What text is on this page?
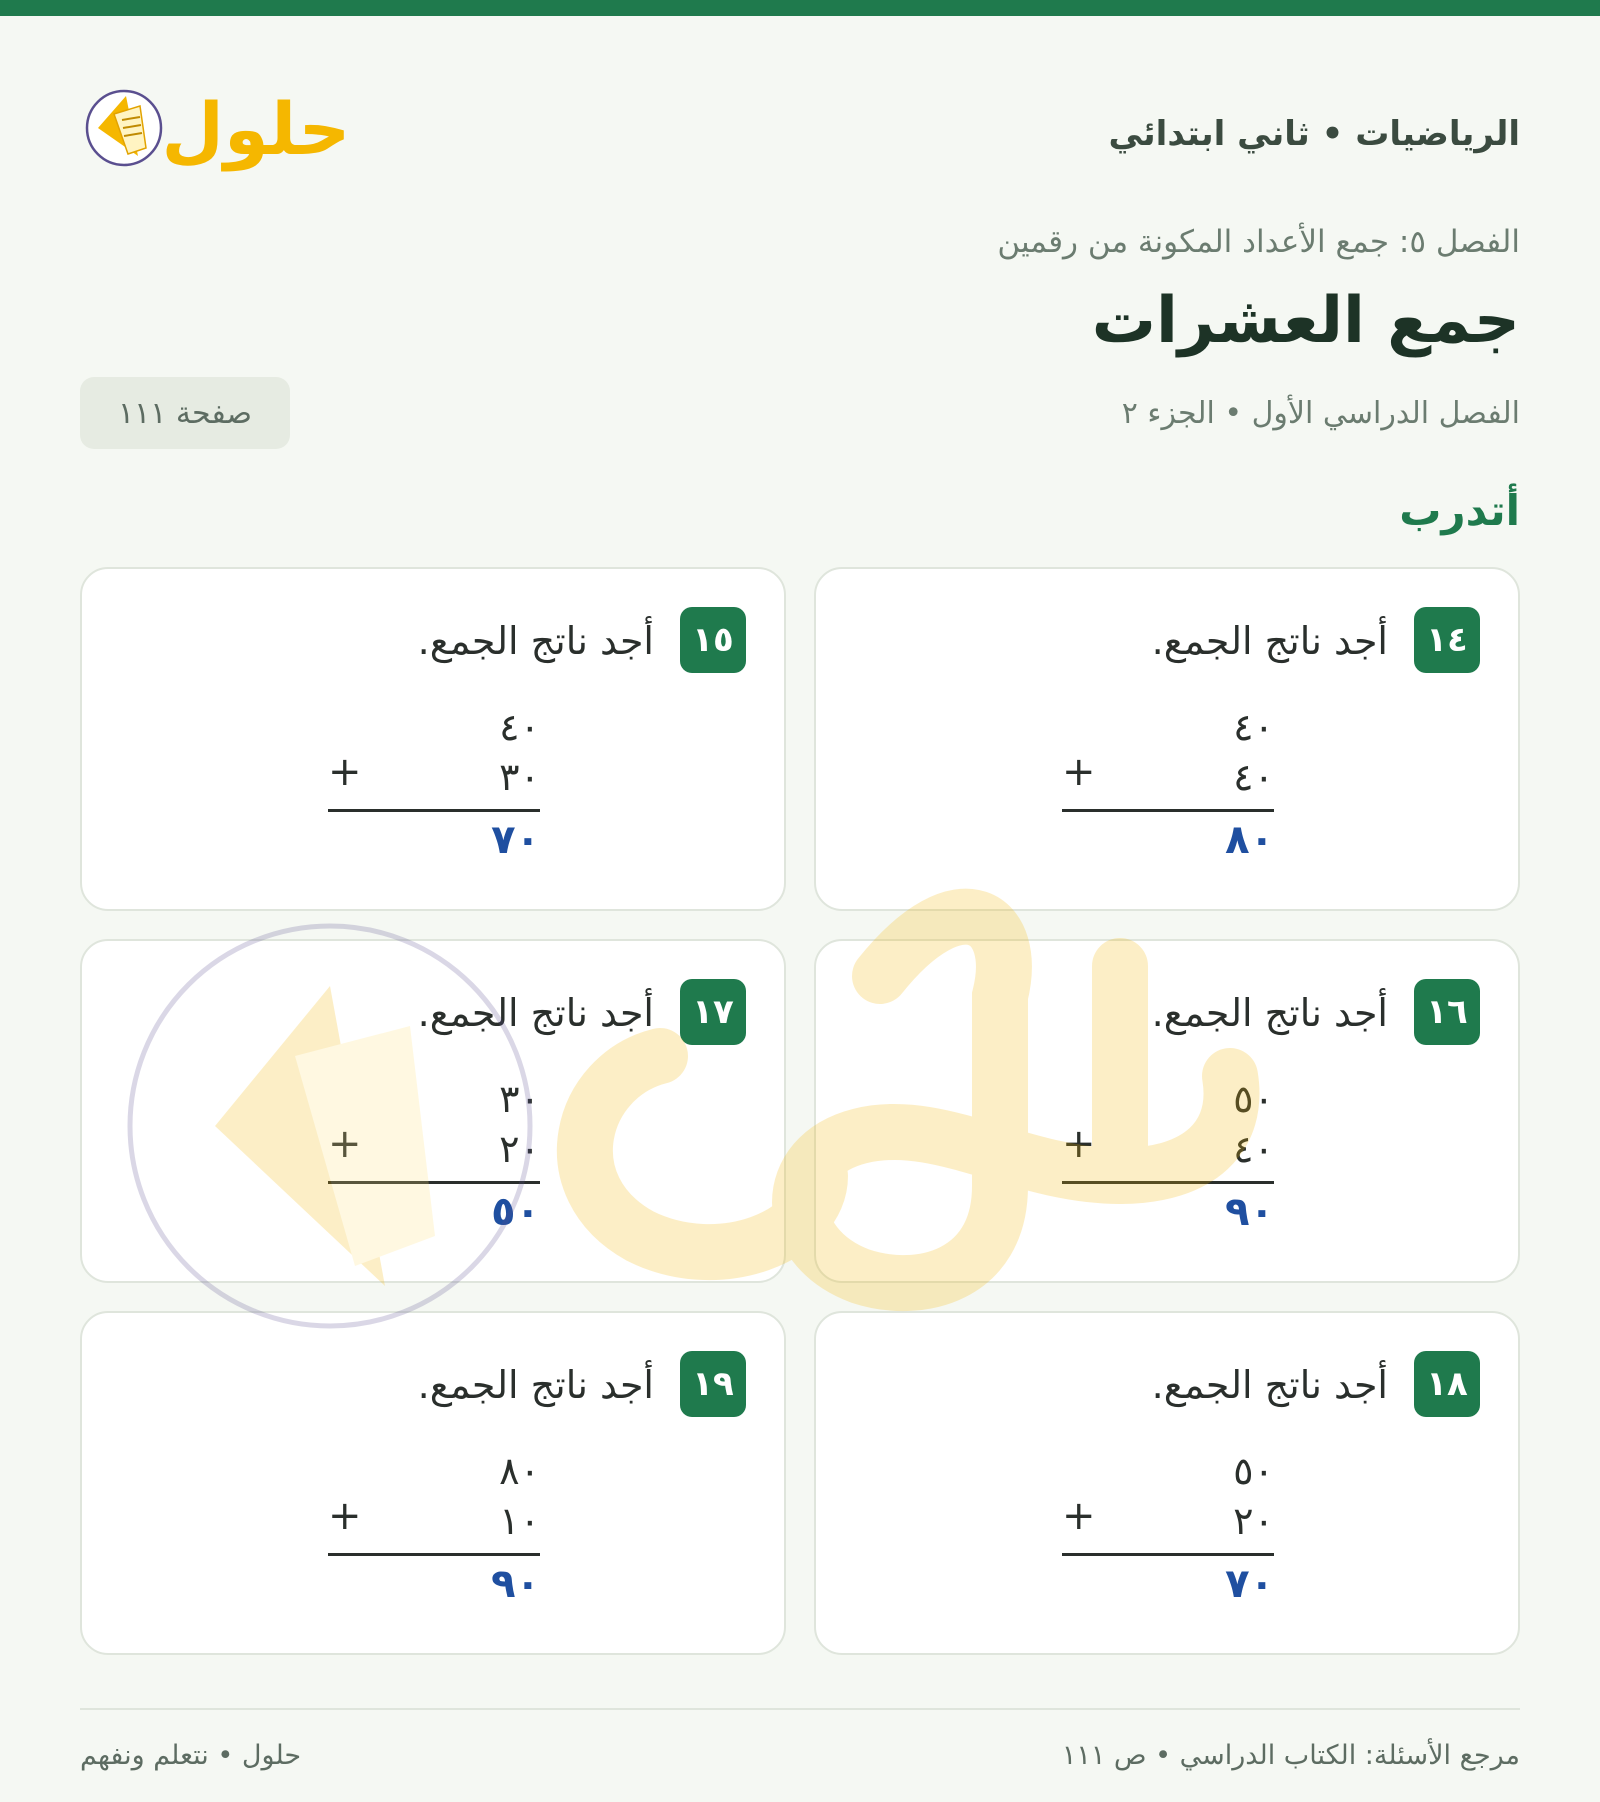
الرياضيات • ثاني ابتدائي
حلول
الفصل ٥: جمع الأعداد المكونة من رقمين
جمع العشرات
الفصل الدراسي الأول • الجزء ٢
صفحة ١١١
أتدرب
١٤
أجد ناتج الجمع.
٤٠
٤٠
+
٨٠
١٥
أجد ناتج الجمع.
٤٠
٣٠
+
٧٠
١٦
أجد ناتج الجمع.
٥٠
٤٠
+
٩٠
١٧
أجد ناتج الجمع.
٣٠
٢٠
+
٥٠
١٨
أجد ناتج الجمع.
٥٠
٢٠
+
٧٠
١٩
أجد ناتج الجمع.
٨٠
١٠
+
٩٠
مرجع الأسئلة: الكتاب الدراسي • ص ١١١
حلول • نتعلم ونفهم
